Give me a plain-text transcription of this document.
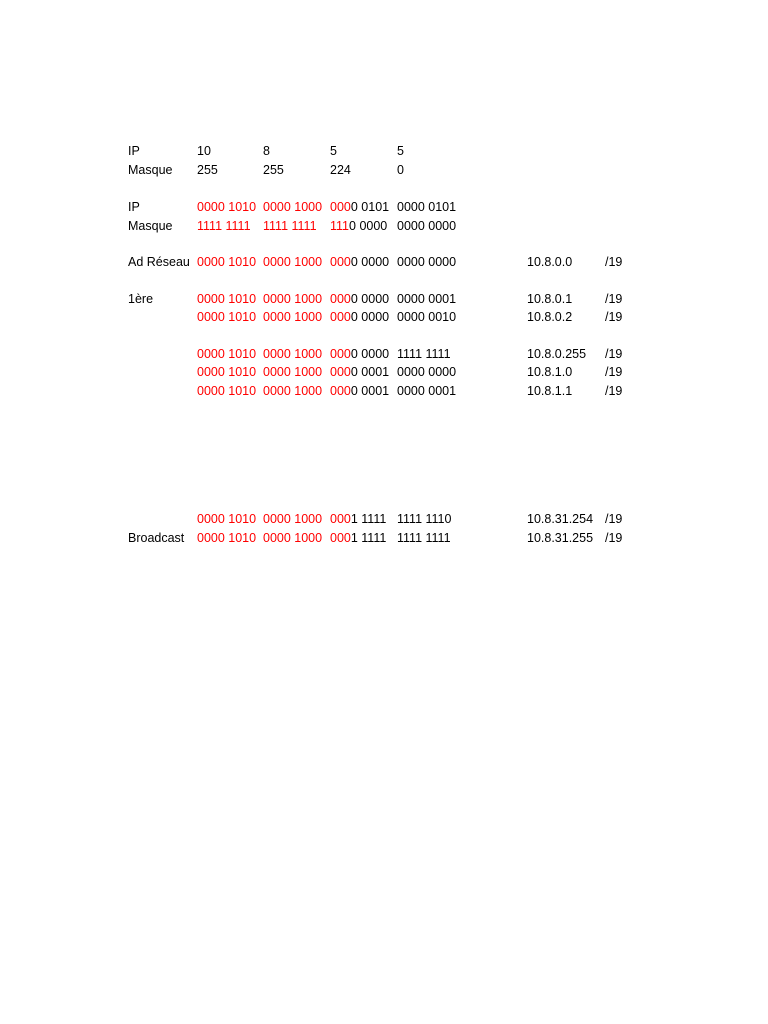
IP	10	8	5	5
Masque 255	255	224	0
IP	0000 1010 0000 1000 0000 0101 0000 0101
Masque 1111 1111 1111 1111 1110 0000 0000 0000
Ad Réseau 0000 1010 0000 1000 0000 0000 0000 0000	10.8.0.0	/19
1ère	0000 1010 0000 1000 0000 0000 0000 0001	10.8.0.1	/19
0000 1010 0000 1000 0000 0000 0000 0010	10.8.0.2	/19
0000 1010 0000 1000 0000 0000 1111 1111	10.8.0.255 /19
0000 1010 0000 1000 0000 0001 0000 0000	10.8.1.0	/19
0000 1010 0000 1000 0000 0001 0000 0001	10.8.1.1	/19
0000 1010 0000 1000 0001 1111 1111 1110	10.8.31.254 /19
Broadcast 0000 1010 0000 1000 0001 1111 1111 1111	10.8.31.255 /19
